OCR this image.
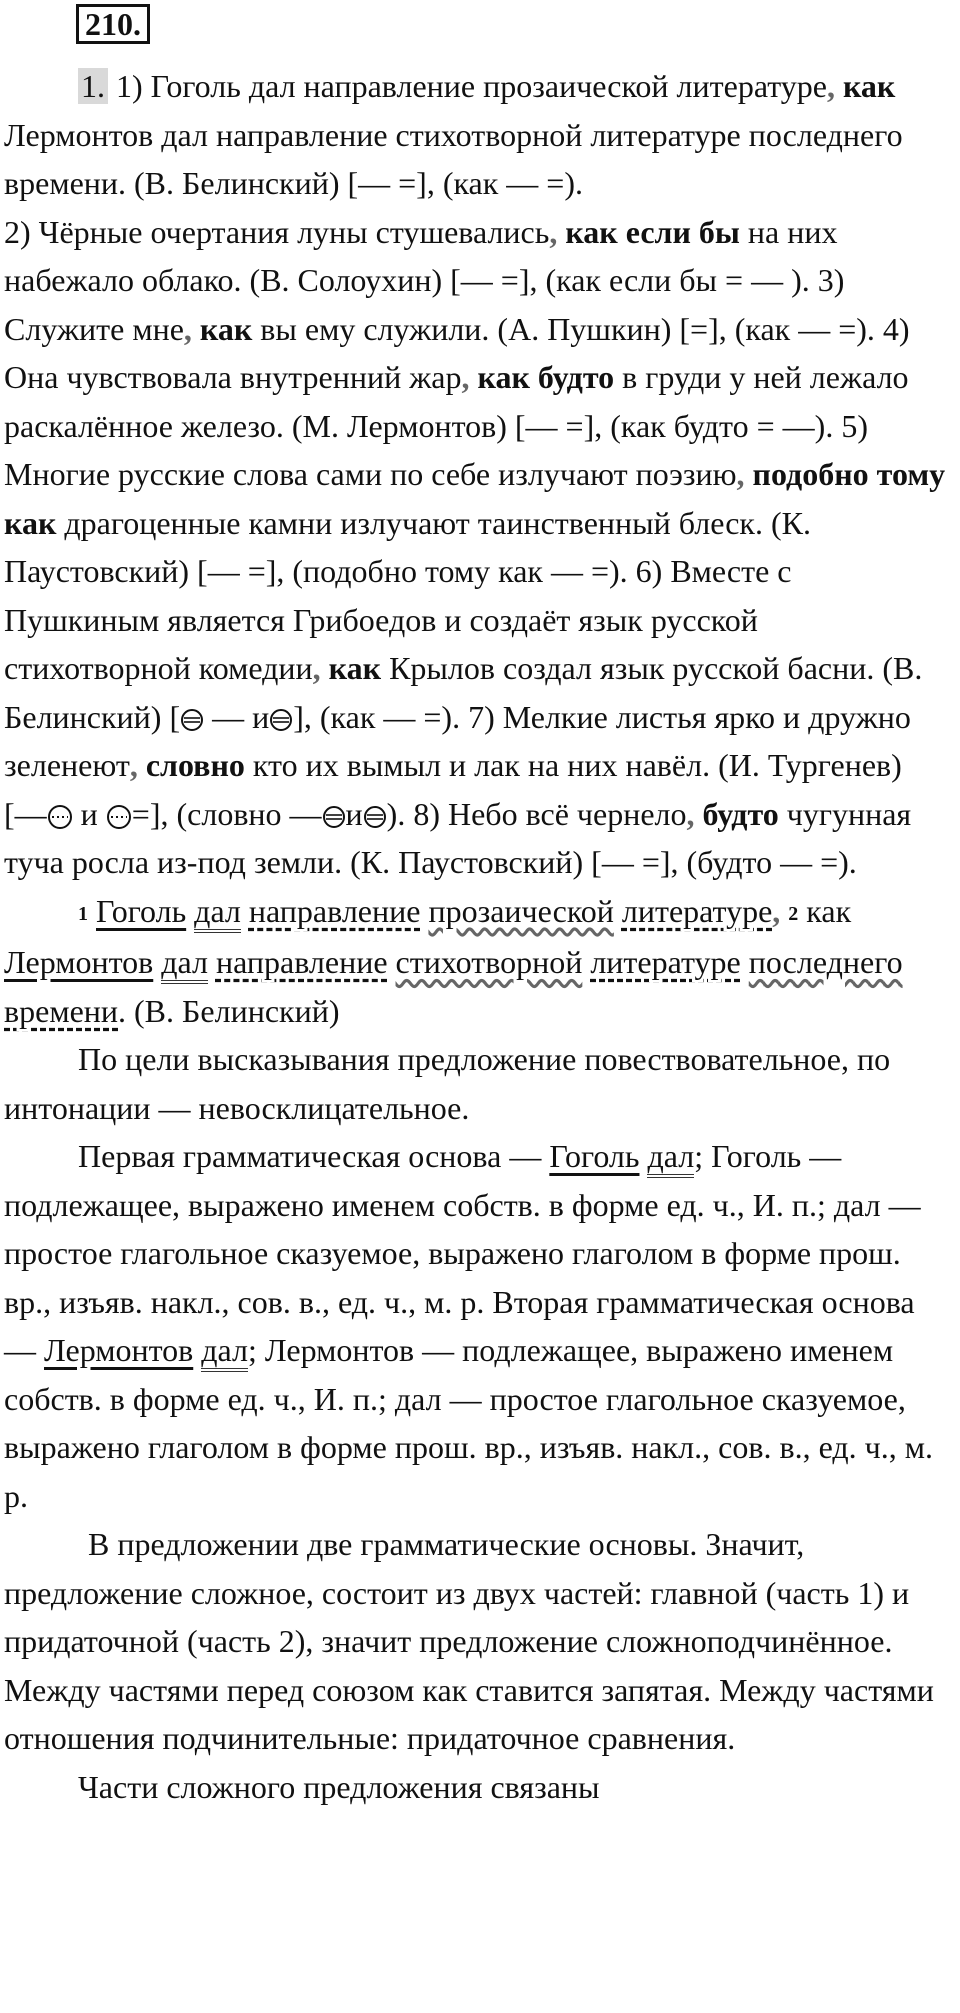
210.

1. 1) Гоголь дал направление прозаической литературе, как Лермонтов дал направление стихотворной литературе последнего времени. (В. Белинский) [— =], (как — =).
2) Чёрные очертания луны стушевались, как если бы на них набежало облако. (В. Солоухин) [— =], (как если бы = — ). 3) Служите мне, как вы ему служили. (А. Пушкин) [=], (как — =). 4) Она чувствовала внутренний жар, как будто в груди у ней лежало раскалённое железо. (М. Лермонтов) [— =], (как будто = —). 5) Многие русские слова сами по себе излучают поэзию, подобно тому как драгоценные камни излучают таинственный блеск. (К. Паустовский) [— =], (подобно тому как — =). 6) Вместе с Пушкиным является Грибоедов и создаёт язык русской стихотворной комедии, как Крылов создал язык русской басни. (В. Белинский) [ — и ], (как — =). 7) Мелкие листья ярко и дружно зеленеют, словно кто их вымыл и лак на них навёл. (И. Тургенев) [— и =], (словно — и ). 8) Небо всё чернело, будто чугунная туча росла из-под земли. (К. Паустовский) [— =], (будто — =).

1 Гоголь дал направление прозаической литературе, 2 как Лермонтов дал направление стихотворной литературе последнего времени. (В. Белинский)

По цели высказывания предложение повествовательное, по интонации — невосклицательное.

Первая грамматическая основа — Гоголь дал; Гоголь — подлежащее, выражено именем собств. в форме ед. ч., И. п.; дал — простое глагольное сказуемое, выражено глаголом в форме прош. вр., изъяв. накл., сов. в., ед. ч., м. р. Вторая грамматическая основа — Лермонтов дал; Лермонтов — подлежащее, выражено именем собств. в форме ед. ч., И. п.; дал — простое глагольное сказуемое, выражено глаголом в форме прош. вр., изъяв. накл., сов. в., ед. ч., м. р.

В предложении две грамматические основы. Значит, предложение сложное, состоит из двух частей: главной (часть 1) и придаточной (часть 2), значит предложение сложноподчинённое. Между частями перед союзом как ставится запятая. Между частями отношения подчинительные: придаточное сравнения.

Части сложного предложения связаны
